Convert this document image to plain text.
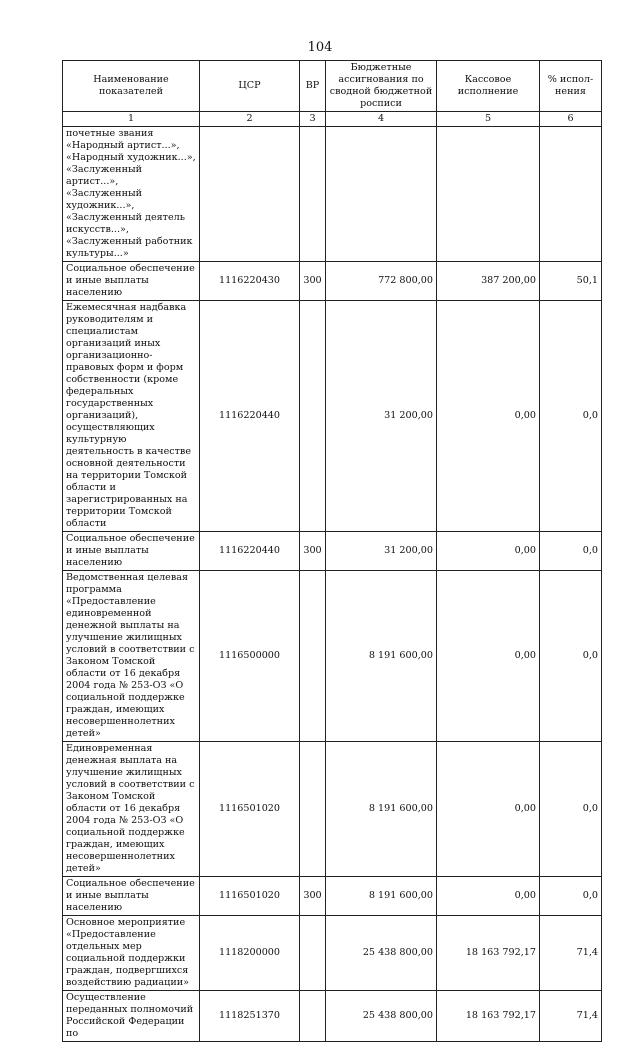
104
Наименование показателей	ЦСР	ВР	Бюджетные ассигнования по сводной бюджетной росписи	Кассовое исполнение	% испол-нения
1	2	3	4	5	6
почетные звания «Народный артист...», «Народный художник...», «Заслуженный артист...», «Заслуженный художник...», «Заслуженный деятель искусств...», «Заслуженный работник культуры...»					
Социальное обеспечение и иные выплаты населению	1116220430	300	772 800,00	387 200,00	50,1
Ежемесячная надбавка руководителям и специалистам организаций иных организационно-правовых форм и форм собственности (кроме федеральных государственных организаций), осуществляющих культурную деятельность в качестве основной деятельности на территории Томской области и зарегистрированных на территории Томской области	1116220440		31 200,00	0,00	0,0
Социальное обеспечение и иные выплаты населению	1116220440	300	31 200,00	0,00	0,0
Ведомственная целевая программа «Предоставление единовременной денежной выплаты на улучшение жилищных условий в соответствии с Законом Томской области от 16 декабря 2004 года № 253-ОЗ «О социальной поддержке граждан, имеющих несовершеннолетних детей»	1116500000		8 191 600,00	0,00	0,0
Единовременная денежная выплата на улучшение жилищных условий в соответствии с Законом Томской области от 16 декабря 2004 года № 253-ОЗ «О социальной поддержке граждан, имеющих несовершеннолетних детей»	1116501020		8 191 600,00	0,00	0,0
Социальное обеспечение и иные выплаты населению	1116501020	300	8 191 600,00	0,00	0,0
Основное мероприятие «Предоставление отдельных мер социальной поддержки граждан, подвергшихся воздействию радиации»	1118200000		25 438 800,00	18 163 792,17	71,4
Осуществление переданных полномочий Российской Федерации по	1118251370		25 438 800,00	18 163 792,17	71,4
